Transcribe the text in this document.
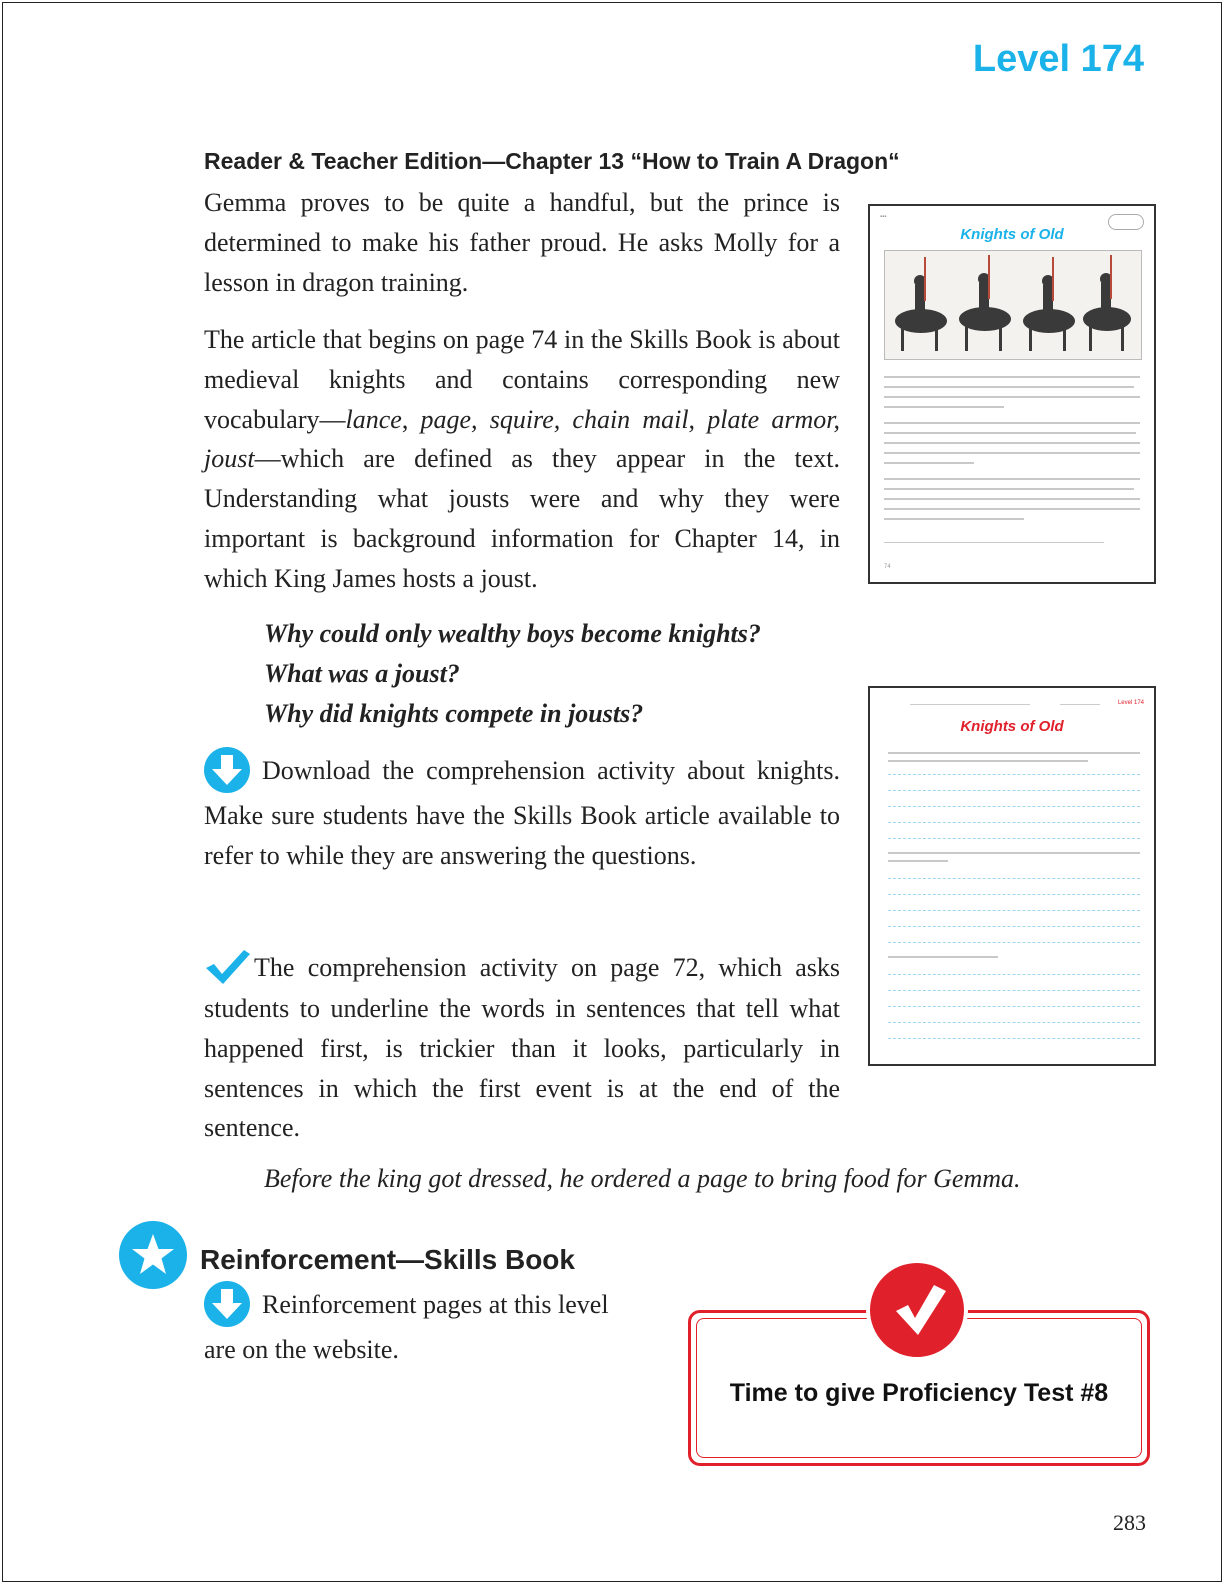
Level 174
Reader & Teacher Edition—Chapter 13 “How to Train A Dragon“
Gemma proves to be quite a handful, but the prince is determined to make his father proud. He asks Molly for a lesson in dragon training.
The article that begins on page 74 in the Skills Book is about medieval knights and contains corresponding new vocabulary—lance, page, squire, chain mail, plate armor, joust—which are defined as they appear in the text. Understanding what jousts were and why they were important is background information for Chapter 14, in which King James hosts a joust.
Why could only wealthy boys become knights?
What was a joust?
Why did knights compete in jousts?
Download the comprehension activity about knights. Make sure students have the Skills Book article available to refer to while they are answering the questions.
The comprehension activity on page 72, which asks students to underline the words in sentences that tell what happened first, is trickier than it looks, particularly in sentences in which the first event is at the end of the sentence.
Before the king got dressed, he ordered a page to bring food for Gemma.
Reinforcement—Skills Book
Reinforcement pages at this level are on the website.
Time to give Proficiency Test #8
▪▪▪
Knights of Old
74
Level 174
Knights of Old
283
